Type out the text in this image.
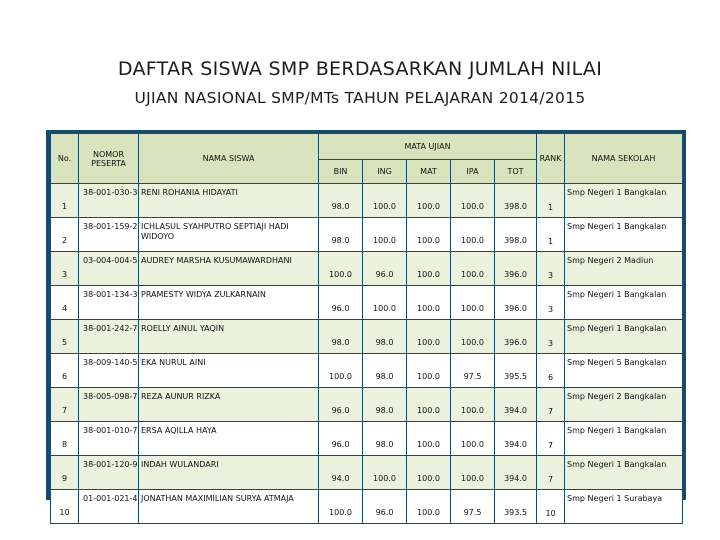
DAFTAR SISWA SMP BERDASARKAN JUMLAH NILAI
UJIAN NASIONAL SMP/MTs TAHUN PELAJARAN 2014/2015
No.	NOMOR PESERTA	NAMA SISWA	MATA UJIAN					RANK	NAMA SEKOLAH
			BIN	ING	MAT	IPA	TOT		
1	38-001-030-3	RENI ROHANIA HIDAYATI	98.0	100.0	100.0	100.0	398.0	1	Smp Negeri 1 Bangkalan
2	38-001-159-2	ICHLASUL SYAHPUTRO SEPTIAJI HADI WIDOYO	98.0	100.0	100.0	100.0	398.0	1	Smp Negeri 1 Bangkalan
3	03-004-004-5	AUDREY MARSHA KUSUMAWARDHANI	100.0	96.0	100.0	100.0	396.0	3	Smp Negeri 2 Madiun
4	38-001-134-3	PRAMESTY WIDYA ZULKARNAIN	96.0	100.0	100.0	100.0	396.0	3	Smp Negeri 1 Bangkalan
5	38-001-242-7	ROELLY AINUL YAQIN	98.0	98.0	100.0	100.0	396.0	3	Smp Negeri 1 Bangkalan
6	38-009-140-5	EKA NURUL AINI	100.0	98.0	100.0	97.5	395.5	6	Smp Negeri 5 Bangkalan
7	38-005-098-7	REZA AUNUR RIZKA	96.0	98.0	100.0	100.0	394.0	7	Smp Negeri 2 Bangkalan
8	38-001-010-7	ERSA AQILLA HAYA	96.0	98.0	100.0	100.0	394.0	7	Smp Negeri 1 Bangkalan
9	38-001-120-9	INDAH WULANDARI	94.0	100.0	100.0	100.0	394.0	7	Smp Negeri 1 Bangkalan
10	01-001-021-4	JONATHAN MAXIMILIAN SURYA ATMAJA	100.0	96.0	100.0	97.5	393.5	10	Smp Negeri 1 Surabaya
